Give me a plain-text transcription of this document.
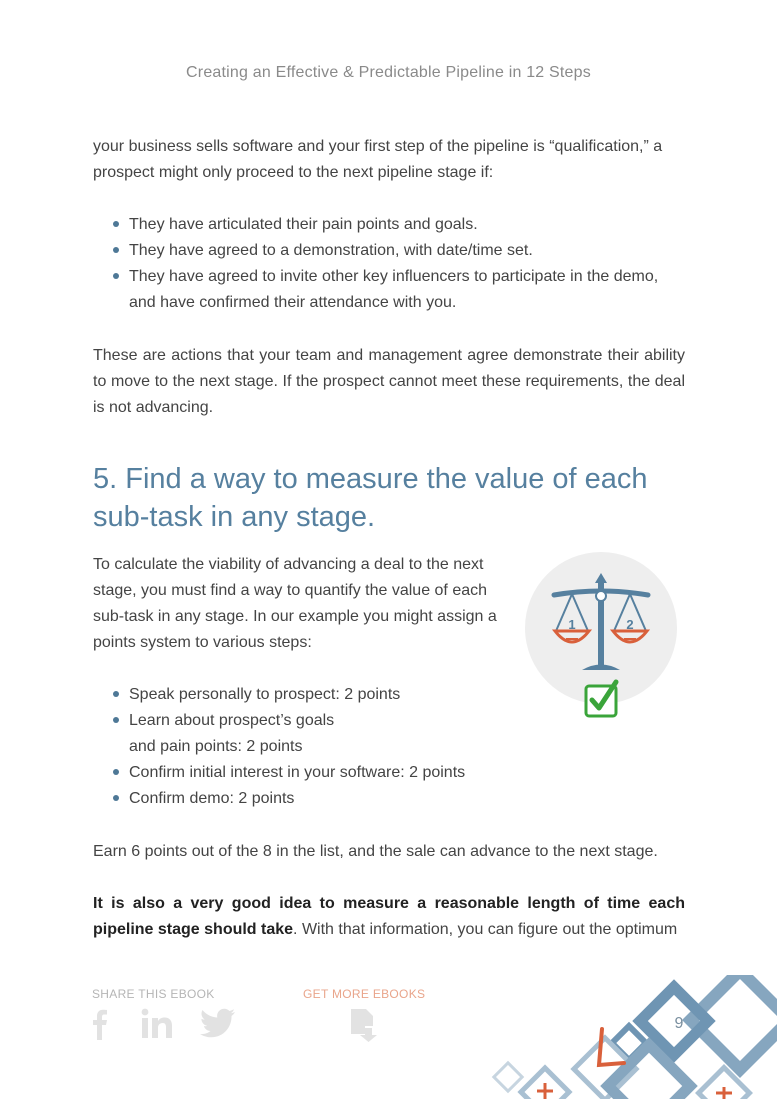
Creating an Effective & Predictable Pipeline in 12 Steps

your business sells software and your first step of the pipeline is “qualification,” a prospect might only proceed to the next pipeline stage if:

They have articulated their pain points and goals.
They have agreed to a demonstration, with date/time set.
They have agreed to invite other key influencers to participate in the demo, and have confirmed their attendance with you.

These are actions that your team and management agree demonstrate their ability to move to the next stage. If the prospect cannot meet these requirements, the deal is not advancing.

5. Find a way to measure the value of each sub-task in any stage.

To calculate the viability of advancing a deal to the next stage, you must find a way to quantify the value of each sub-task in any stage. In our example you might assign a points system to various steps:

1	2
Speak personally to prospect: 2 points
Learn about prospect’s goals and pain points: 2 points
Confirm initial interest in your software: 2 points
Confirm demo: 2 points

Earn 6 points out of the 8 in the list, and the sale can advance to the next stage.

It is also a very good idea to measure a reasonable length of time each pipeline stage should take. With that information, you can figure out the optimum

SHARE THIS EBOOK	GET MORE EBOOKS
9
